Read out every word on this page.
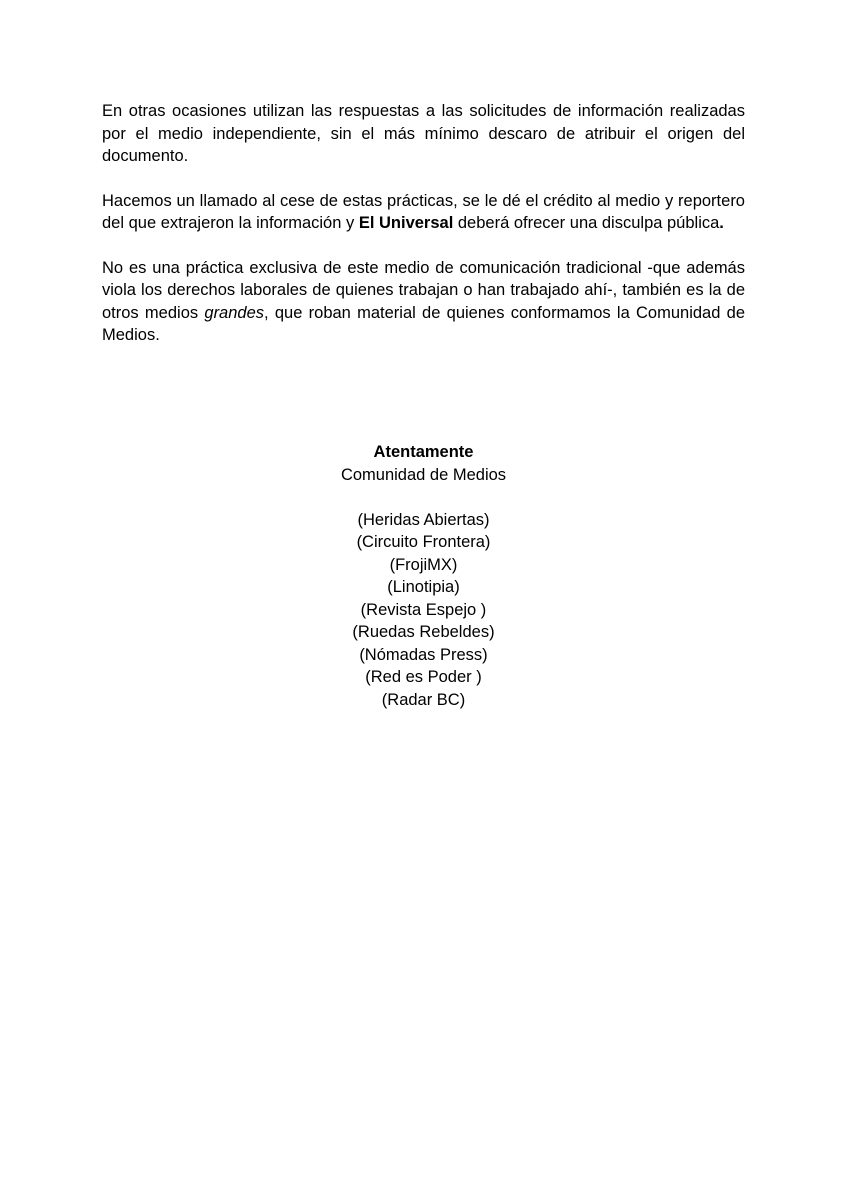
En otras ocasiones utilizan las respuestas a las solicitudes de información realizadas por el medio independiente, sin el más mínimo descaro de atribuir el origen del documento.

Hacemos un llamado al cese de estas prácticas, se le dé el crédito al medio y reportero del que extrajeron la información y El Universal deberá ofrecer una disculpa pública.

No es una práctica exclusiva de este medio de comunicación tradicional -que además viola los derechos laborales de quienes trabajan o han trabajado ahí-, también es la de otros medios grandes, que roban material de quienes conformamos la Comunidad de Medios.

Atentamente
Comunidad de Medios
(Heridas Abiertas)
(Circuito Frontera)
(FrojiMX)
(Linotipia)
(Revista Espejo )
(Ruedas Rebeldes)
(Nómadas Press)
(Red es Poder )
(Radar BC)
